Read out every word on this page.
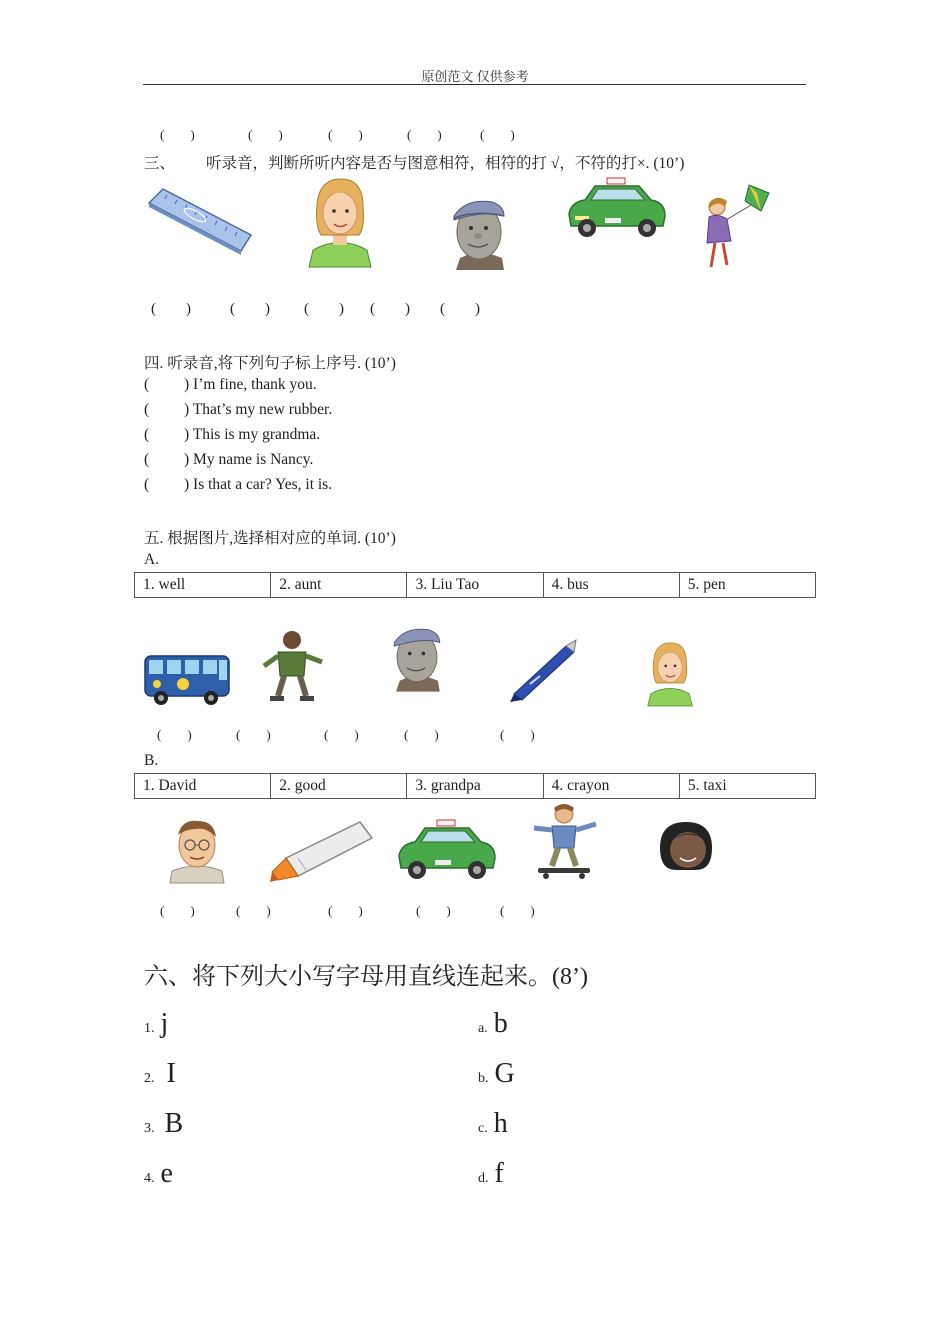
原创范文 仅供参考
(        )	(        )	(        )	(        )	(        )
三、        听录音，判断所听内容是否与图意相符，相符的打 √，不符的打×. (10’)
(        )	(        ) (        ) (        ) (        )
四. 听录音,将下列句子标上序号. (10’)
( ) I’m fine, thank you.
( ) That’s my new rubber.
( ) This is my grandma.
( ) My name is Nancy.
( ) Is that a car? Yes, it is.
五. 根据图片,选择相对应的单词. (10’)
A.
1. well	2. aunt	3. Liu Tao	4. bus	5. pen
(        )	(        )	(        )	(        )	(        )
B.
1. David	2. good	3. grandpa	4. crayon	5. taxi
(        )	(        )	(        )	(        )	(        )
六、将下列大小写字母用直线连起来。(8’)
1. j
2. I
3. B
4. e
a. b
b. G
c. h
d. f
